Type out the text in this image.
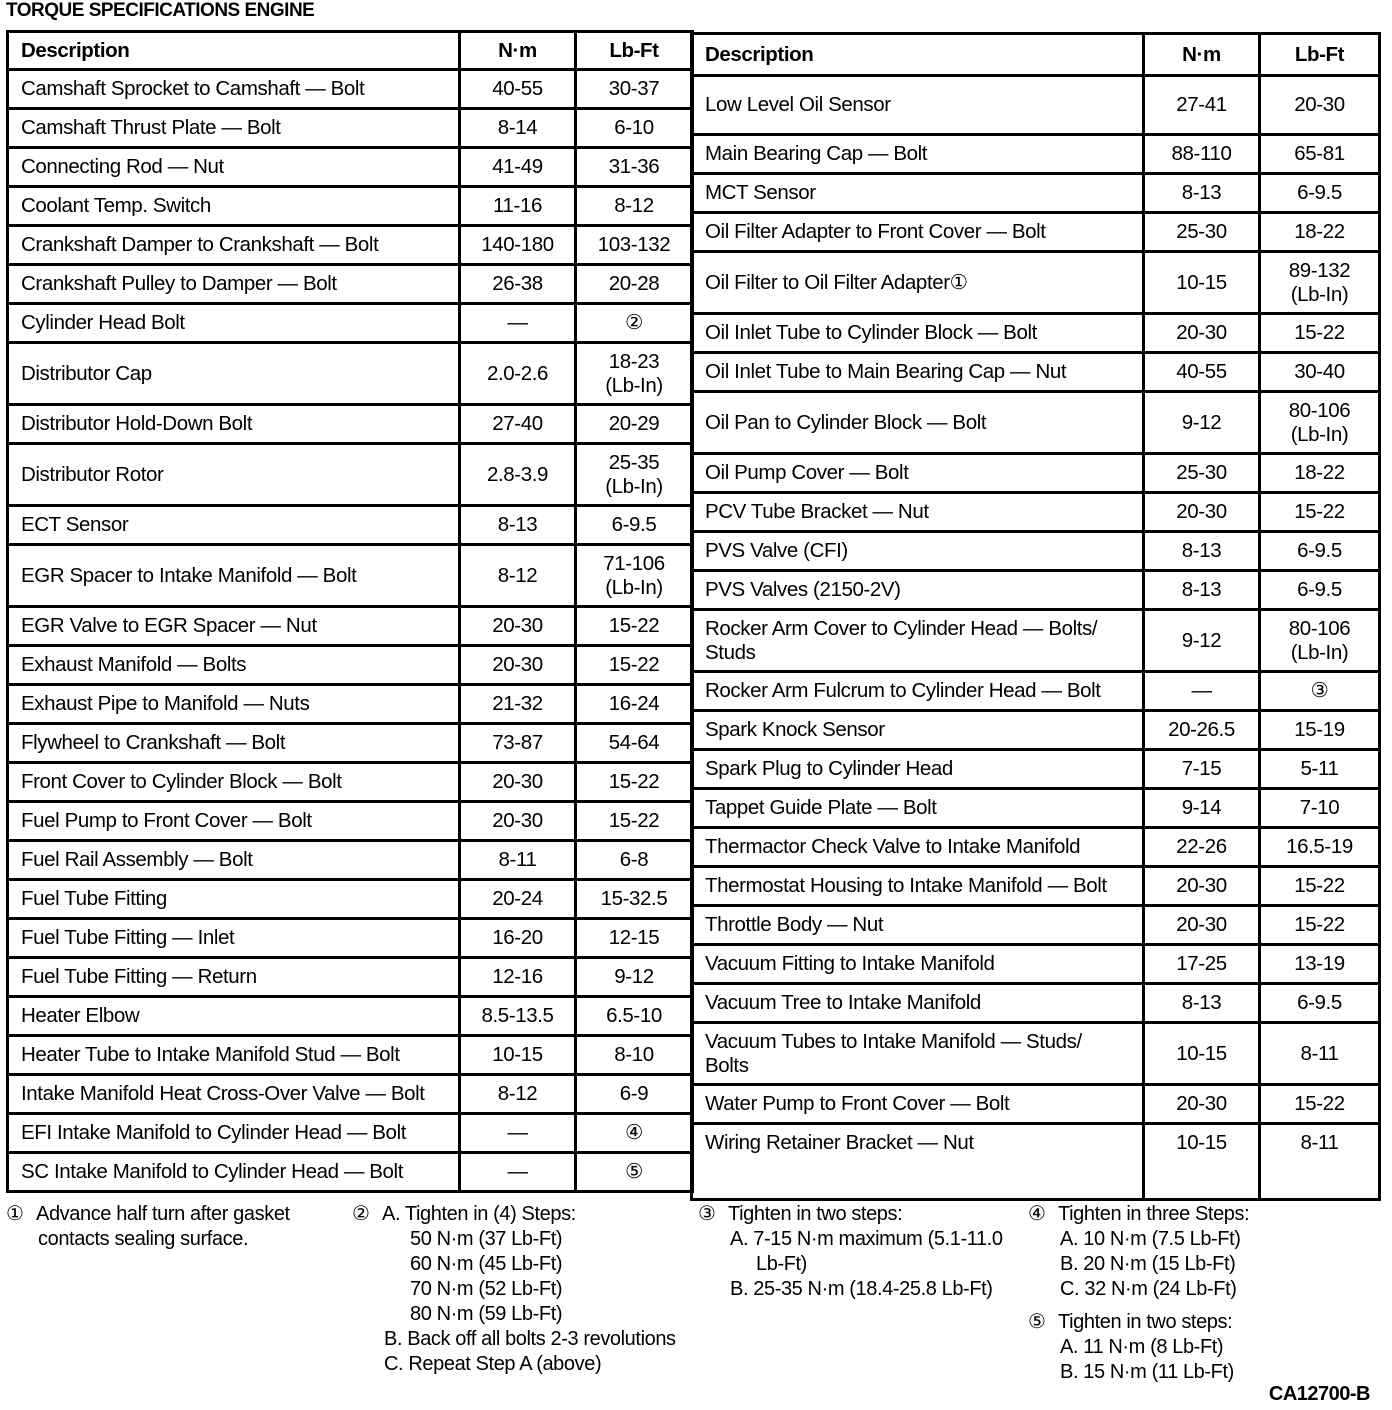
TORQUE SPECIFICATIONS ENGINE
Description	N·m	Lb-Ft
Camshaft Sprocket to Camshaft — Bolt	40-55	30-37
Camshaft Thrust Plate — Bolt	8-14	6-10
Connecting Rod — Nut	41-49	31-36
Coolant Temp. Switch	11-16	8-12
Crankshaft Damper to Crankshaft — Bolt	140-180	103-132
Crankshaft Pulley to Damper — Bolt	26-38	20-28
Cylinder Head Bolt	—	②
Distributor Cap	2.0-2.6	18-23
(Lb-In)
Distributor Hold-Down Bolt	27-40	20-29
Distributor Rotor	2.8-3.9	25-35
(Lb-In)
ECT Sensor	8-13	6-9.5
EGR Spacer to Intake Manifold — Bolt	8-12	71-106
(Lb-In)
EGR Valve to EGR Spacer — Nut	20-30	15-22
Exhaust Manifold — Bolts	20-30	15-22
Exhaust Pipe to Manifold — Nuts	21-32	16-24
Flywheel to Crankshaft — Bolt	73-87	54-64
Front Cover to Cylinder Block — Bolt	20-30	15-22
Fuel Pump to Front Cover — Bolt	20-30	15-22
Fuel Rail Assembly — Bolt	8-11	6-8
Fuel Tube Fitting	20-24	15-32.5
Fuel Tube Fitting — Inlet	16-20	12-15
Fuel Tube Fitting — Return	12-16	9-12
Heater Elbow	8.5-13.5	6.5-10
Heater Tube to Intake Manifold Stud — Bolt	10-15	8-10
Intake Manifold Heat Cross-Over Valve — Bolt	8-12	6-9
EFI Intake Manifold to Cylinder Head — Bolt	—	④
SC Intake Manifold to Cylinder Head — Bolt	—	⑤
Description	N·m	Lb-Ft
Low Level Oil Sensor	27-41	20-30
Main Bearing Cap — Bolt	88-110	65-81
MCT Sensor	8-13	6-9.5
Oil Filter Adapter to Front Cover — Bolt	25-30	18-22
Oil Filter to Oil Filter Adapter①	10-15	89-132
(Lb-In)
Oil Inlet Tube to Cylinder Block — Bolt	20-30	15-22
Oil Inlet Tube to Main Bearing Cap — Nut	40-55	30-40
Oil Pan to Cylinder Block — Bolt	9-12	80-106
(Lb-In)
Oil Pump Cover — Bolt	25-30	18-22
PCV Tube Bracket — Nut	20-30	15-22
PVS Valve (CFI)	8-13	6-9.5
PVS Valves (2150-2V)	8-13	6-9.5
Rocker Arm Cover to Cylinder Head — Bolts/
Studs	9-12	80-106
(Lb-In)
Rocker Arm Fulcrum to Cylinder Head — Bolt	—	③
Spark Knock Sensor	20-26.5	15-19
Spark Plug to Cylinder Head	7-15	5-11
Tappet Guide Plate — Bolt	9-14	7-10
Thermactor Check Valve to Intake Manifold	22-26	16.5-19
Thermostat Housing to Intake Manifold — Bolt	20-30	15-22
Throttle Body — Nut	20-30	15-22
Vacuum Fitting to Intake Manifold	17-25	13-19
Vacuum Tree to Intake Manifold	8-13	6-9.5
Vacuum Tubes to Intake Manifold — Studs/
Bolts	10-15	8-11
Water Pump to Front Cover — Bolt	20-30	15-22
Wiring Retainer Bracket — Nut	10-15	8-11
① Advance half turn after gasket
contacts sealing surface.
② A. Tighten in (4) Steps:
50 N·m (37 Lb-Ft)
60 N·m (45 Lb-Ft)
70 N·m (52 Lb-Ft)
80 N·m (59 Lb-Ft)
B. Back off all bolts 2-3 revolutions
C. Repeat Step A (above)
③ Tighten in two steps:
A. 7-15 N·m maximum (5.1-11.0
Lb-Ft)
B. 25-35 N·m (18.4-25.8 Lb-Ft)
④ Tighten in three Steps:
A. 10 N·m (7.5 Lb-Ft)
B. 20 N·m (15 Lb-Ft)
C. 32 N·m (24 Lb-Ft)
⑤ Tighten in two steps:
A. 11 N·m (8 Lb-Ft)
B. 15 N·m (11 Lb-Ft)
CA12700-B
